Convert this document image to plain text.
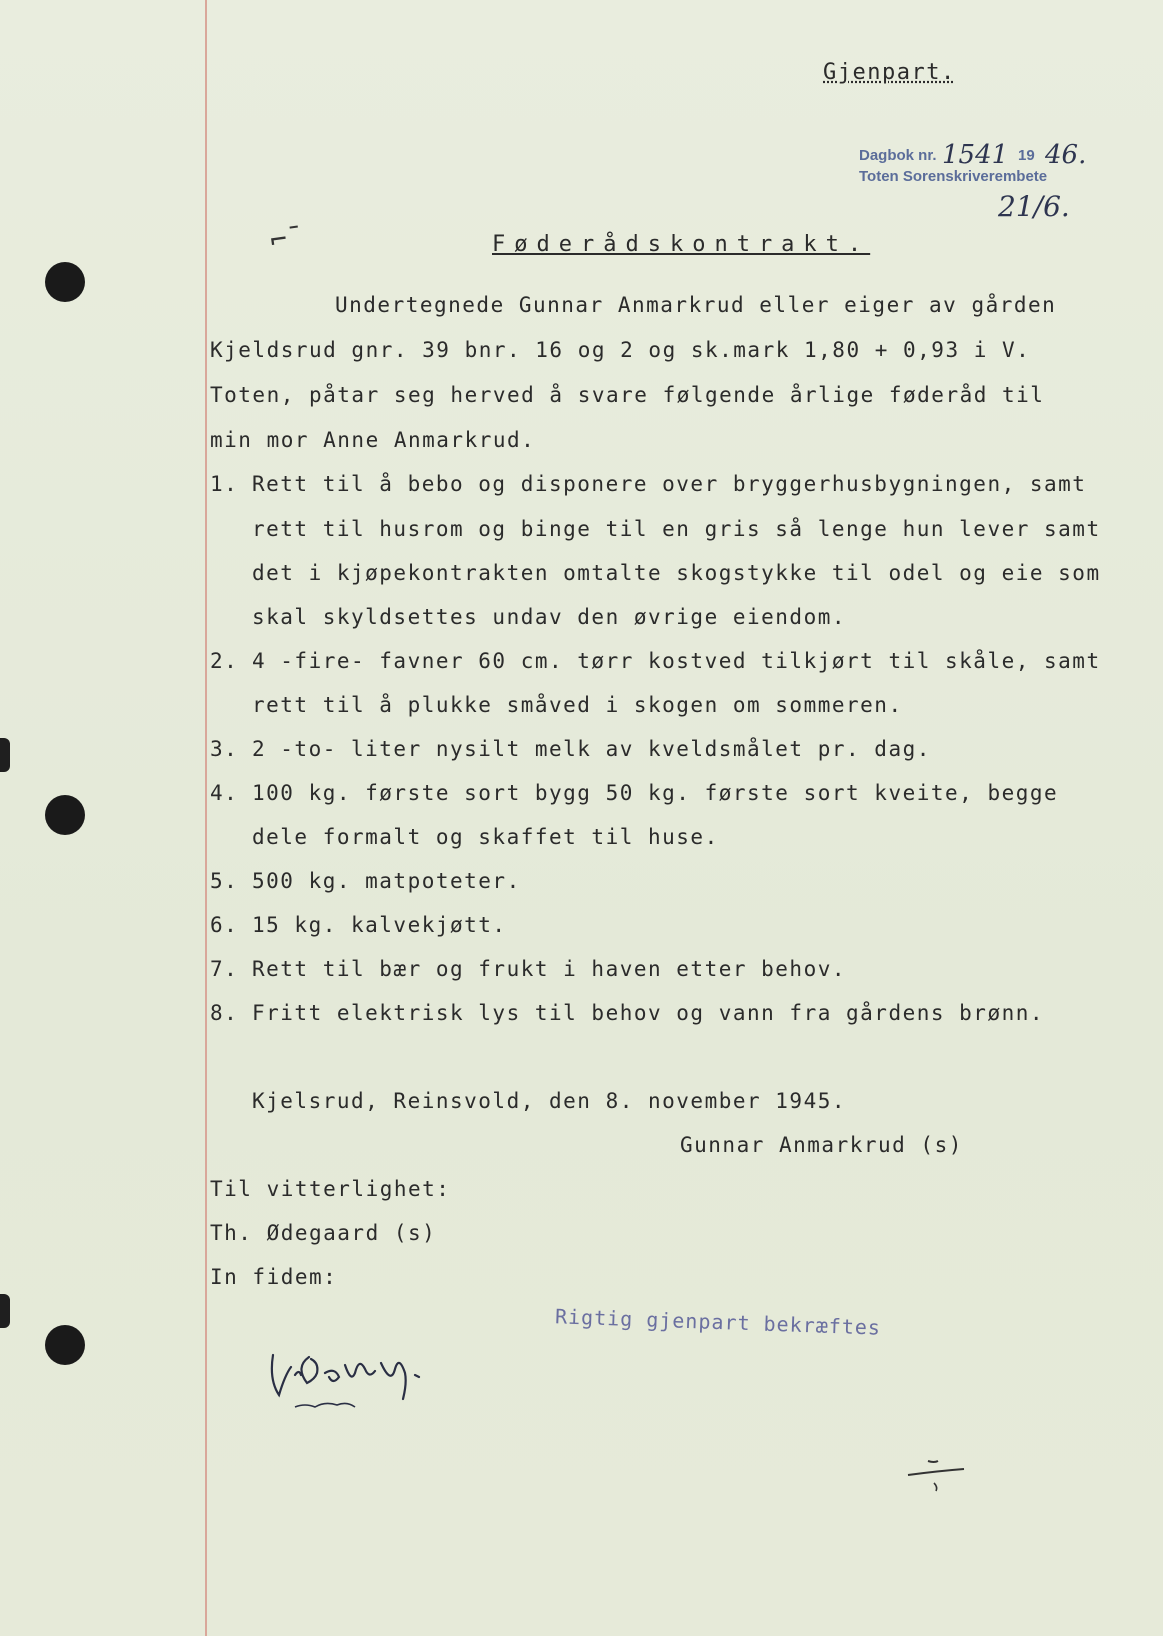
Gjenpart.
Dagbok nr.
Toten Sorenskriverembete
1541 19 46.
21/6.
⌐ˉ	Føderådskontrakt.
Undertegnede Gunnar Anmarkrud eller eiger av gården
Kjeldsrud gnr. 39 bnr. 16 og 2 og sk.mark 1,80 + 0,93 i V.
Toten, påtar seg herved å svare følgende årlige føderåd til
min mor Anne Anmarkrud.
1. Rett til å bebo og disponere over bryggerhusbygningen, samt
rett til husrom og binge til en gris så lenge hun lever samt
det i kjøpekontrakten omtalte skogstykke til odel og eie som
skal skyldsettes undav den øvrige eiendom.
2. 4 -fire- favner 60 cm. tørr kostved tilkjørt til skåle, samt
rett til å plukke småved i skogen om sommeren.
3. 2 -to- liter nysilt melk av kveldsmålet pr. dag.
4. 100 kg. første sort bygg 50 kg. første sort kveite, begge
dele formalt og skaffet til huse.
5. 500 kg. matpoteter.
6. 15 kg. kalvekjøtt.
7. Rett til bær og frukt i haven etter behov.
8. Fritt elektrisk lys til behov og vann fra gårdens brønn.
Kjelsrud, Reinsvold, den 8. november 1945.
Gunnar Anmarkrud (s)
Til vitterlighet:
Th. Ødegaard (s)
In fidem:
Rigtig gjenpart bekræftes
